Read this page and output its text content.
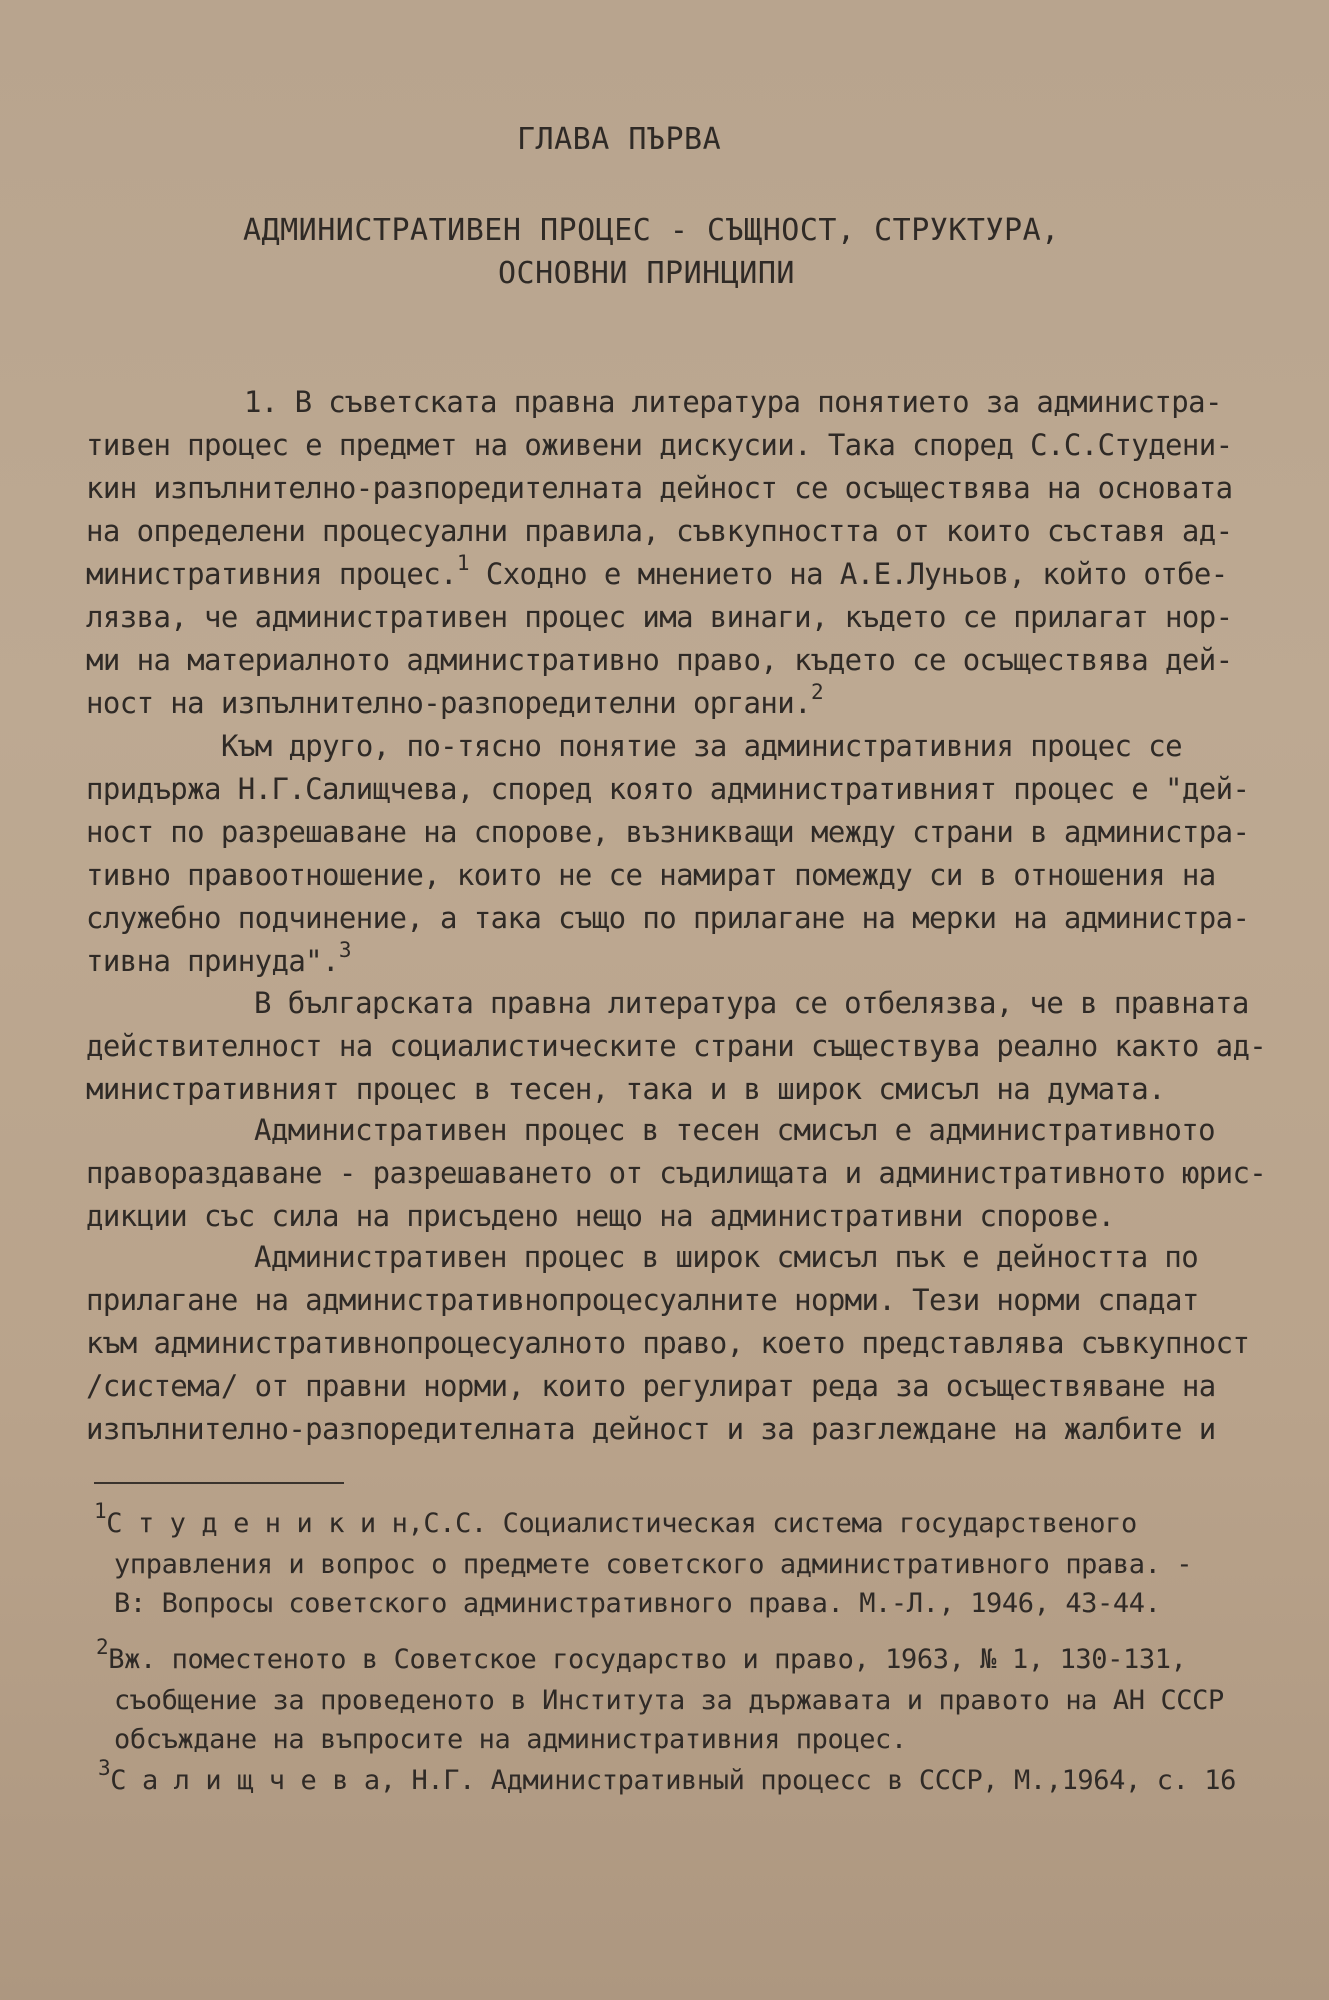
ГЛАВА ПЪРВА
АДМИНИСТРАТИВЕН ПРОЦЕС - СЪЩНОСТ, СТРУКТУРА,
ОСНОВНИ ПРИНЦИПИ
1. В съветската правна литература понятието за администра-
тивен процес е предмет на оживени дискусии. Така според С.С.Студени-
кин изпълнително-разпоредителната дейност се осъществява на основата
на определени процесуални правила, съвкупността от които съставя ад-
министративния процес.$^1$ Сходно е мнението на А.Е.Луньов, който отбе-
лязва, че административен процес има винаги, където се прилагат нор-
ми на материалното административно право, където се осъществява дей-
ност на изпълнително-разпоредителни органи.$^2$
Към друго, по-тясно понятие за административния процес се
придържа Н.Г.Салищчева, според която административният процес е "дей-
ност по разрешаване на спорове, възникващи между страни в администра-
тивно правоотношение, които не се намират помежду си в отношения на
служебно подчинение, а така също по прилагане на мерки на администра-
тивна принуда".$^3$
В българската правна литература се отбелязва, че в правната
действителност на социалистическите страни съществува реално както ад-
министративният процес в тесен, така и в широк смисъл на думата.
Административен процес в тесен смисъл е административното
правораздаване - разрешаването от съдилищата и административното юрис-
дикции със сила на присъдено нещо на административни спорове.
Административен процес в широк смисъл пък е дейността по
прилагане на административнопроцесуалните норми. Тези норми спадат
към административнопроцесуалното право, което представлява съвкупност
/система/ от правни норми, които регулират реда за осъществяване на
изпълнително-разпоредителната дейност и за разглеждане на жалбите и
$^1$С т у д е н и к и н,С.С. Социалистическая система государственого
управления и вопрос о предмете советского административного права. -
В: Вопросы советского административного права. М.-Л., 1946, 43-44.
$^2$Вж. поместеното в Советское государство и право, 1963, № 1, 130-131,
съобщение за проведеното в Института за държавата и правото на АН СССР
обсъждане на въпросите на административния процес.
$^3$С а л и щ ч е в а, Н.Г. Административный процесс в СССР, М.,1964, с. 16
